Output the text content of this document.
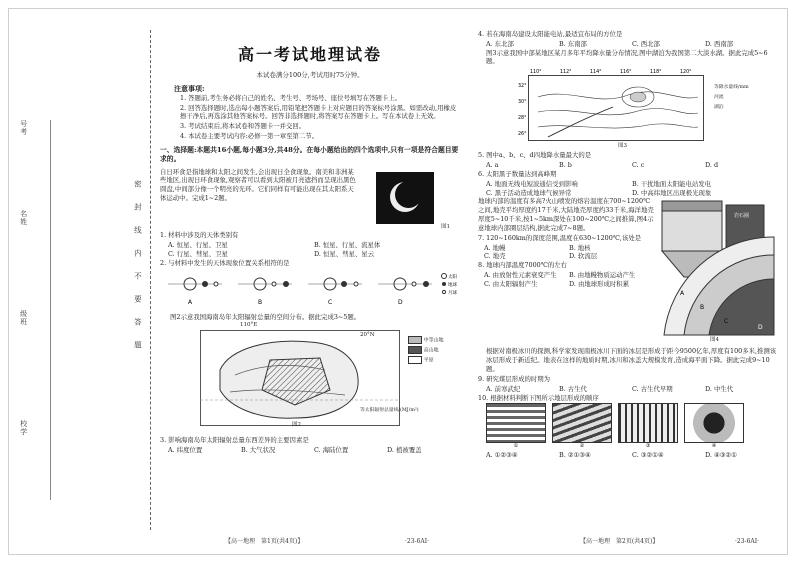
号考
名姓
级班
校学
密　封　线　内　不　要　答　题
高一考试地理试卷
本试卷满分100分,考试用时75分钟。
注意事项:

1. 答题前,考生务必将自己的姓名、考生号、考场号、座位号填写在答题卡上。

2. 回答选择题时,选出每小题答案后,用铅笔把答题卡上对应题目的答案标号涂黑。如需改动,用橡皮擦干净后,再选涂其他答案标号。回答非选择题时,将答案写在答题卡上。写在本试卷上无效。

3. 考试结束后,将本试卷和答题卡一并交回。

4. 本试卷主要考试内容:必修一第一章至第二节。

一、选择题:本题共16小题,每小题3分,共48分。在每小题给出的四个选项中,只有一项是符合题目要求的。

自日环食是指地球和太阳之间发生,会出现日全食现象。南美和非洲某些地区,出现日环食现象,观察者可以看到太阳被月亮遮挡而呈现出黑色圆盘,中间部分像一个明亮的光环。它们同样有可能出现在其太阳系天体运动中。完成1~2题。

图1

1. 材料中涉及的天体类别有

A. 恒星、行星、卫星	B. 恒星、行星、流星体
C. 行星、彗星、卫星	D. 恒星、彗星、星云

2. 与材料中发生的天体现象位置关系相符的是

A	B	C	D
太阳
地球
月球

图2示意我国海南岛年太阳辐射总量的空间分布。据此完成3~5题。

110°E
20°N
中等山地
高山地
平原
等太阳辐射总量线/(MJ/m²)
图2

3. 影响海南岛年太阳辐射总量东西差异的主要因素是

A. 纬度位置	B. 大气状况	C. 海陆位置	D. 植被覆盖
【高一地理　第1页(共4页)】	·23-6AI·

4. 若在海南岛建设太阳能电站,最适宜布局的方位是

A. 东北部	B. 东南部	C. 西北部	D. 西南部

图3示意我国中部某地区某月多年平均降水量分布情况,图中湖泊为我国第二大淡水湖。据此完成5~6题。

110°	112°	114°	116°	118°	120°
32°
30°
28°
26°
等降水量线/mm
河流
湖泊
图3

5. 图中a、b、c、d四地降水量最大的是

A. a	B. b	C. c	D. d

6. 太阳黑子数量达到高峰期

A. 地面无线电短波通信受到影响	B. 干扰地面太阳能电站发电
C. 黑子活动造成地球气候异常	D. 中高纬地区出现极光现象

地球内部的温度有多高?火山喷发的熔岩温度在700~1200℃之间,地壳平均厚度约17千米,大陆地壳厚度约33千米,海洋地壳厚度5~10千米,按1~5km深处在100~200℃之间推算,图4示意地球内部圈层结构,据此完成7~8题。

7. 120~160km的深度范围,温度在630~1200℃,该处是

A. 地幔	B. 地核
C. 地壳	D. 软流层

8. 地球内部温度7000℃的左右

A. 由放射性元素衰变产生	B. 由地幔物质运动产生
C. 由太阳辐射产生	D. 由地球形成时积累
岩石圈
A
B
C
D
图4

根据对南极冰川的探测,科学家发现南极冰川下面的冰层是形成于距今9500亿年,厚度有100多米,推测该冰层形成于新近纪。地表在这样的地质时期,冰川和冰盖大规模发育,造成海平面下降。据此完成9~10题。

9. 研究煤层形成的时期为

A. 前寒武纪	B. 古生代	C. 古生代早期	D. 中生代

10. 根据材料判断下图所示地层形成的顺序

①	②	③	④
A. ①②③④	B. ②①③④	C. ③②①④	D. ④③②①
【高一地理　第2页(共4页)】	·23-6AI·
